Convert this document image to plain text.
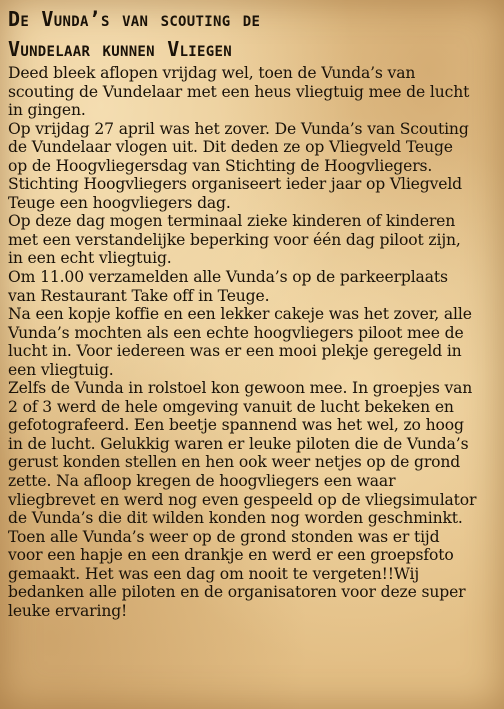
De Vunda’s van scouting de
Vundelaar kunnen Vliegen

Deed bleek aflopen vrijdag wel, toen de Vunda’s van
scouting de Vundelaar met een heus vliegtuig mee de lucht
in gingen.
Op vrijdag 27 april was het zover. De Vunda’s van Scouting
de Vundelaar vlogen uit. Dit deden ze op Vliegveld Teuge
op de Hoogvliegersdag van Stichting de Hoogvliegers.
Stichting Hoogvliegers organiseert ieder jaar op Vliegveld
Teuge een hoogvliegers dag.
Op deze dag mogen terminaal zieke kinderen of kinderen
met een verstandelijke beperking voor één dag piloot zijn,
in een echt vliegtuig.
Om 11.00 verzamelden alle Vunda’s op de parkeerplaats
van Restaurant Take off in Teuge.
Na een kopje koffie en een lekker cakeje was het zover, alle
Vunda’s mochten als een echte hoogvliegers piloot mee de
lucht in. Voor iedereen was er een mooi plekje geregeld in
een vliegtuig.
Zelfs de Vunda in rolstoel kon gewoon mee. In groepjes van
2 of 3 werd de hele omgeving vanuit de lucht bekeken en
gefotografeerd. Een beetje spannend was het wel, zo hoog
in de lucht. Gelukkig waren er leuke piloten die de Vunda’s
gerust konden stellen en hen ook weer netjes op de grond
zette. Na afloop kregen de hoogvliegers een waar
vliegbrevet en werd nog even gespeeld op de vliegsimulator
de Vunda’s die dit wilden konden nog worden geschminkt.
Toen alle Vunda’s weer op de grond stonden was er tijd
voor een hapje en een drankje en werd er een groepsfoto
gemaakt. Het was een dag om nooit te vergeten!!Wij
bedanken alle piloten en de organisatoren voor deze super
leuke ervaring!
